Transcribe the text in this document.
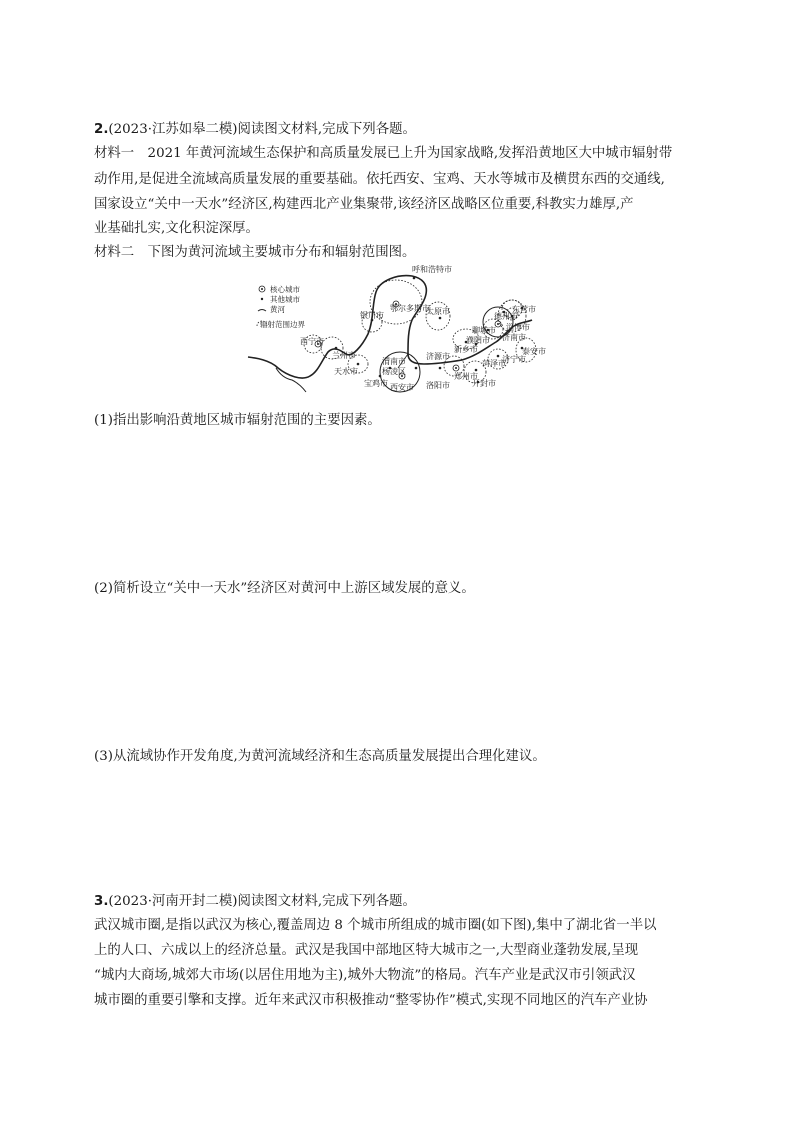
2.(2023·江苏如皋二模)阅读图文材料,完成下列各题。
材料一　2021 年黄河流域生态保护和高质量发展已上升为国家战略,发挥沿黄地区大中城市辐射带
动作用,是促进全流域高质量发展的重要基础。依托西安、宝鸡、天水等城市及横贯东西的交通线,
国家设立“关中一天水”经济区,构建西北产业集聚带,该经济区战略区位重要,科教实力雄厚,产
业基础扎实,文化积淀深厚。
材料二　下图为黄河流域主要城市分布和辐射范围图。
核心城市
其他城市
黄河
辐射范围边界
呼和浩特市
鄂尔多斯市
银川市	太原市
德州市
东营市
聊城市 淄博市
济南市
泰安市
濮阳市
新乡市
济宁市
西宁市
兰州市
天水市
宝鸡市
渭南市
杨凌区
济源市
西安市 洛阳市
郑州市
开封市
菏泽市
(1)指出影响沿黄地区城市辐射范围的主要因素。
(2)简析设立“关中一天水”经济区对黄河中上游区域发展的意义。
(3)从流域协作开发角度,为黄河流域经济和生态高质量发展提出合理化建议。
3.(2023·河南开封二模)阅读图文材料,完成下列各题。
武汉城市圈,是指以武汉为核心,覆盖周边 8 个城市所组成的城市圈(如下图),集中了湖北省一半以
上的人口、六成以上的经济总量。武汉是我国中部地区特大城市之一,大型商业蓬勃发展,呈现
“城内大商场,城郊大市场(以居住用地为主),城外大物流”的格局。汽车产业是武汉市引领武汉
城市圈的重要引擎和支撑。近年来武汉市积极推动“整零协作”模式,实现不同地区的汽车产业协
